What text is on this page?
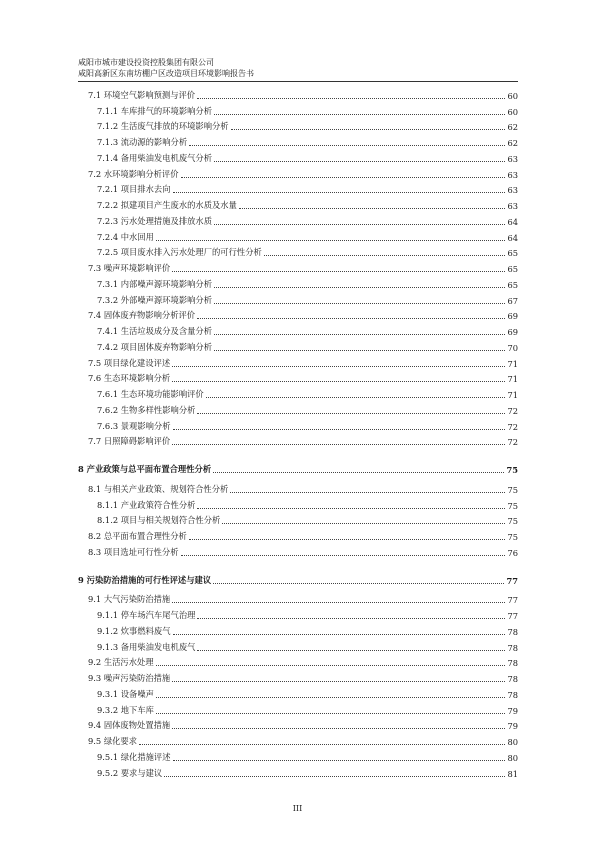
咸阳市城市建设投资控股集团有限公司
咸阳高新区东南坊棚户区改造项目环境影响报告书
7.1 环境空气影响预测与评价	60
7.1.1 车库排气的环境影响分析	60
7.1.2 生活废气排放的环境影响分析	62
7.1.3 流动源的影响分析	62
7.1.4 备用柴油发电机废气分析	63
7.2 水环境影响分析评价	63
7.2.1 项目排水去向	63
7.2.2 拟建项目产生废水的水质及水量	63
7.2.3 污水处理措施及排放水质	64
7.2.4 中水回用	64
7.2.5 项目废水排入污水处理厂的可行性分析	65
7.3 噪声环境影响评价	65
7.3.1 内部噪声源环境影响分析	65
7.3.2 外部噪声源环境影响分析	67
7.4 固体废弃物影响分析评价	69
7.4.1 生活垃圾成分及含量分析	69
7.4.2 项目固体废弃物影响分析	70
7.5 项目绿化建设评述	71
7.6 生态环境影响分析	71
7.6.1 生态环境功能影响评价	71
7.6.2 生物多样性影响分析	72
7.6.3 景观影响分析	72
7.7 日照障碍影响评价	72
8 产业政策与总平面布置合理性分析	75
8.1 与相关产业政策、规划符合性分析	75
8.1.1 产业政策符合性分析	75
8.1.2 项目与相关规划符合性分析	75
8.2 总平面布置合理性分析	75
8.3 项目选址可行性分析	76
9 污染防治措施的可行性评述与建议	77
9.1 大气污染防治措施	77
9.1.1 停车场汽车尾气治理	77
9.1.2 炊事燃料废气	78
9.1.3 备用柴油发电机废气	78
9.2 生活污水处理	78
9.3 噪声污染防治措施	78
9.3.1 设备噪声	78
9.3.2 地下车库	79
9.4 固体废物处置措施	79
9.5 绿化要求	80
9.5.1 绿化措施评述	80
9.5.2 要求与建议	81
III
